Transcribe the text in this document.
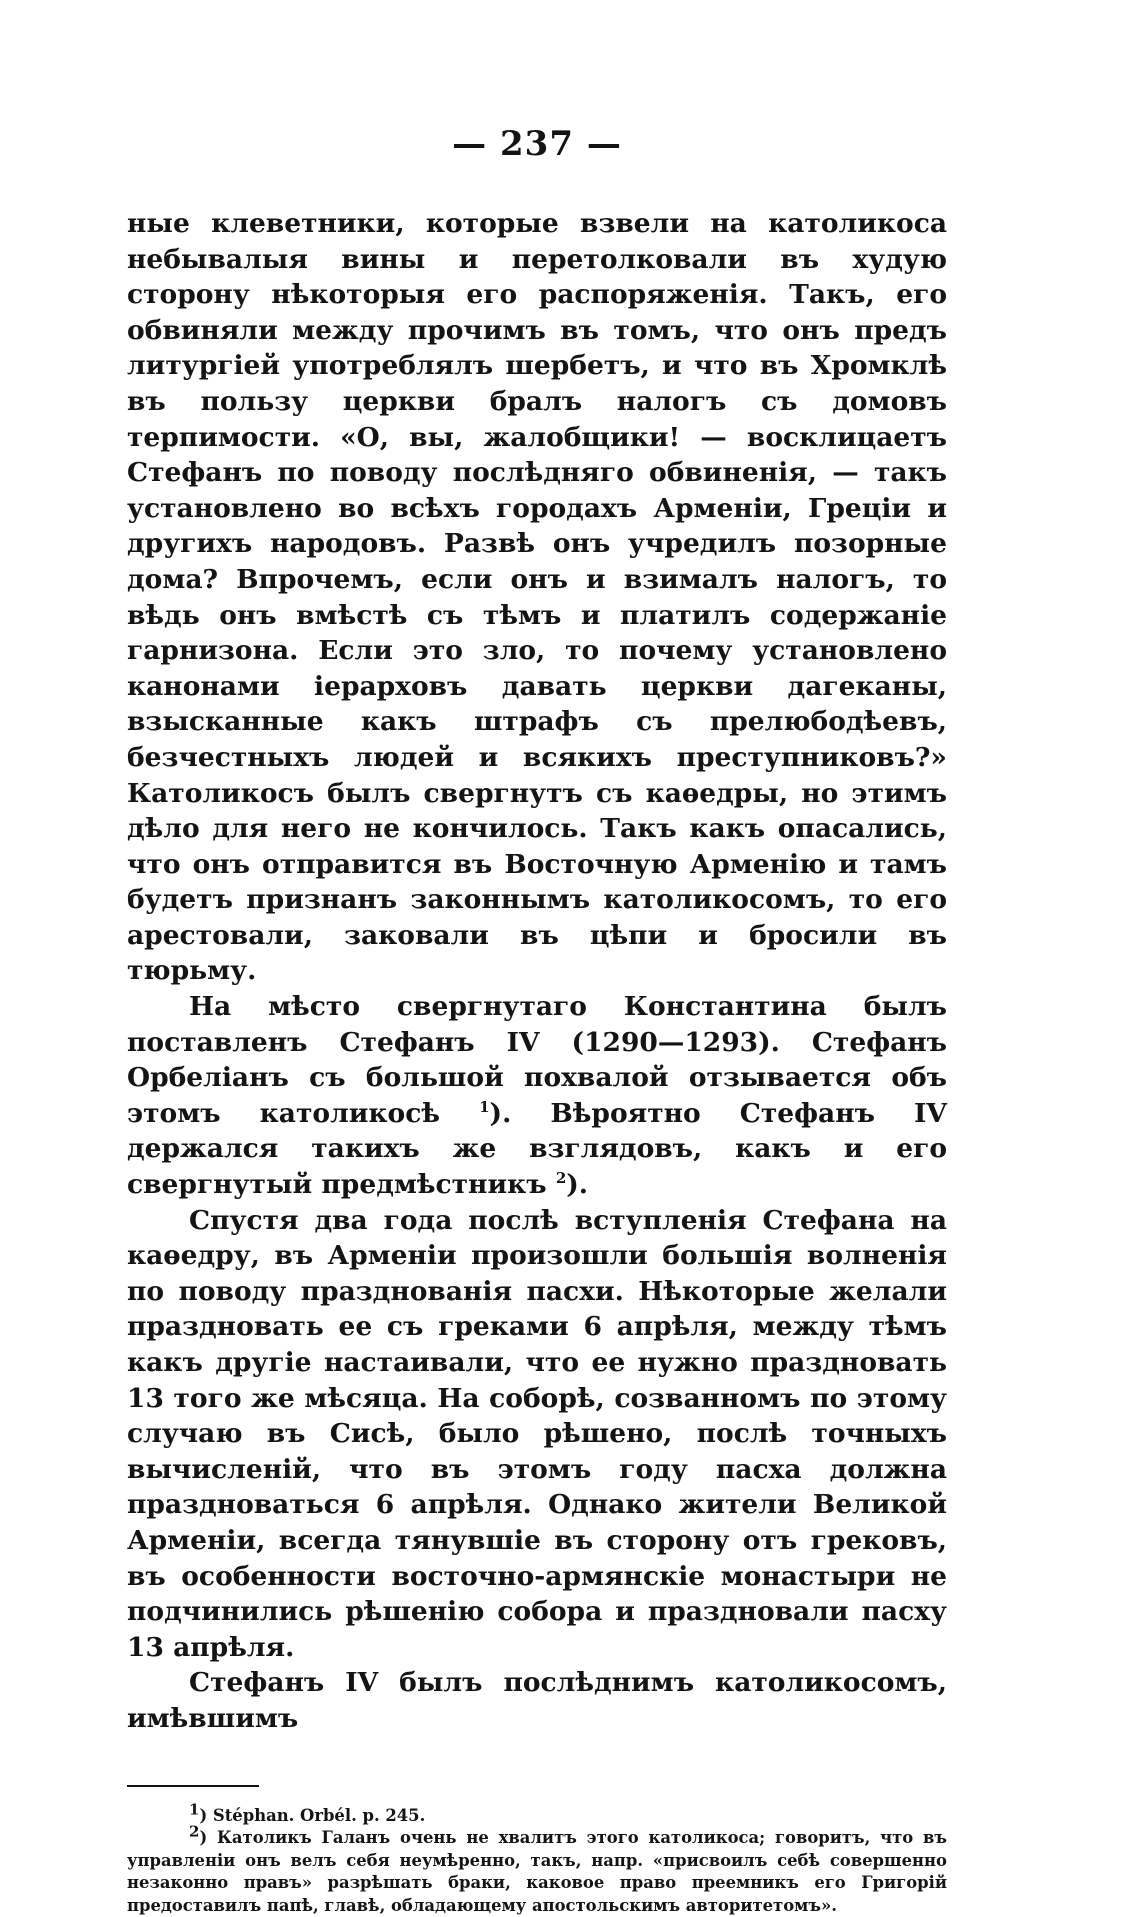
— 237 —

ные клеветники, которые взвели на католикоса небывалыя вины и перетолковали въ худую сторону нѣкоторыя его распоряженія. Такъ, его обвиняли между прочимъ въ томъ, что онъ предъ литургіей употреблялъ шербетъ, и что въ Хромклѣ въ пользу церкви бралъ налогъ съ домовъ терпимости. «О, вы, жалобщики! — восклицаетъ Стефанъ по поводу послѣдняго обвиненія, — такъ установлено во всѣхъ городахъ Арменіи, Греціи и другихъ народовъ. Развѣ онъ учредилъ позорные дома? Впрочемъ, если онъ и взималъ налогъ, то вѣдь онъ вмѣстѣ съ тѣмъ и платилъ содержаніе гарнизона. Если это зло, то почему установлено канонами іерарховъ давать церкви дагеканы, взысканные какъ штрафъ съ прелюбодѣевъ, безчестныхъ людей и всякихъ преступниковъ?» Католикосъ былъ свергнутъ съ каѳедры, но этимъ дѣло для него не кончилось. Такъ какъ опасались, что онъ отправится въ Восточную Арменію и тамъ будетъ признанъ законнымъ католикосомъ, то его арестовали, заковали въ цѣпи и бросили въ тюрьму.

На мѣсто свергнутаго Константина былъ поставленъ Стефанъ IV (1290—1293). Стефанъ Орбеліанъ съ большой похвалой отзывается объ этомъ католикосѣ	$^1$). Вѣроятно Стефанъ IV держался такихъ же взглядовъ, какъ и его свергнутый предмѣстникъ $^2$).

Спустя два года послѣ вступленія Стефана на каѳедру, въ Арменіи произошли большія волненія по поводу празднованія пасхи. Нѣкоторые желали праздновать ее съ греками 6 апрѣля, между тѣмъ какъ другіе настаивали, что ее нужно праздновать 13 того же мѣсяца. На соборѣ, созванномъ по этому случаю въ Сисѣ, было рѣшено, послѣ точныхъ вычисленій, что въ этомъ году пасха должна праздноваться 6 апрѣля. Однако жители Великой Арменіи, всегда тянувшіе въ сторону отъ грековъ, въ особенности восточно-армянскіе монастыри не подчинились рѣшенію собора и праздновали пасху 13 апрѣля.

Стефанъ IV былъ послѣднимъ католикосомъ, имѣвшимъ

$^1$) Stéphan. Orbél. p. 245.

$^2$) Католикъ Галанъ очень не хвалитъ этого католикоса; говоритъ, что въ управленіи онъ велъ себя неумѣренно, такъ, напр. «присвоилъ себѣ совершенно незаконно правъ» разрѣшать браки, каковое право преемникъ его Григорій предоставилъ папѣ, главѣ, обладающему апостольскимъ авторитетомъ».
